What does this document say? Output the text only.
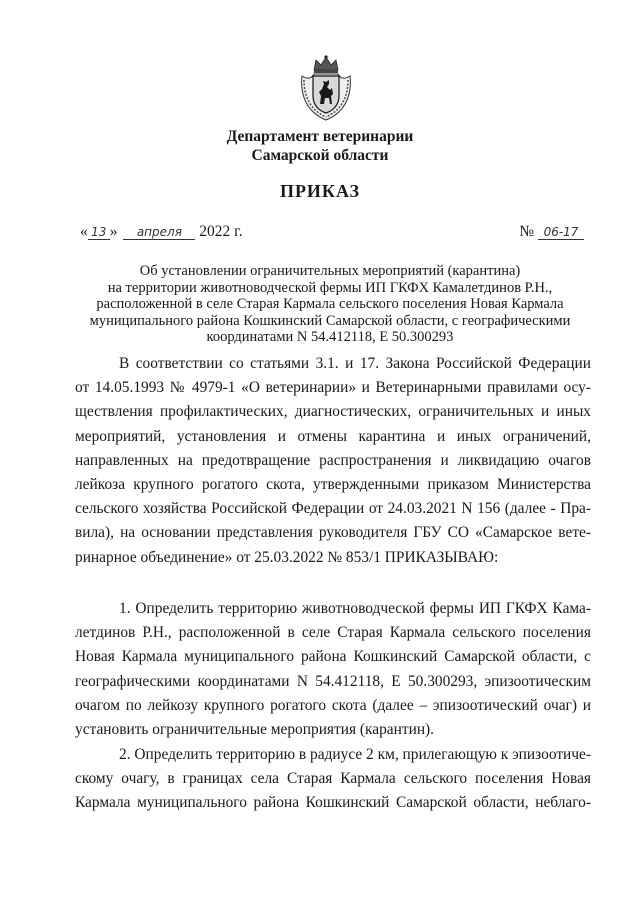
Департамент ветеринарии
Самарской области
ПРИКАЗ
« 13 » апреля 2022 г.	№ 06-17
Об установлении ограничительных мероприятий (карантина)
на территории животноводческой фермы ИП ГКФХ Камалетдинов Р.Н.,
расположенной в селе Старая Кармала сельского поселения Новая Кармала
муниципального района Кошкинский Самарской области, с географическими
координатами N 54.412118, E 50.300293
В соответствии со статьями 3.1. и 17. Закона Российской Федерации
от 14.05.1993 № 4979-1 «О ветеринарии» и Ветеринарными правилами осу-
ществления профилактических, диагностических, ограничительных и иных
мероприятий, установления и отмены карантина и иных ограничений,
направленных на предотвращение распространения и ликвидацию очагов
лейкоза крупного рогатого скота, утвержденными приказом Министерства
сельского хозяйства Российской Федерации от 24.03.2021 N 156 (далее - Пра-
вила), на основании представления руководителя ГБУ СО «Самарское ветe-
ринарное объединение» от 25.03.2022 № 853/1 ПРИКАЗЫВАЮ:
1. Определить территорию животноводческой фермы ИП ГКФХ Кама-
летдинов Р.Н., расположенной в селе Старая Кармала сельского поселения
Новая Кармала муниципального района Кошкинский Самарской области, с
географическими координатами N 54.412118, E 50.300293, эпизоотическим
очагом по лейкозу крупного рогатого скота (далее – эпизоотический очаг) и
установить ограничительные мероприятия (карантин).
2. Определить территорию в радиусе 2 км, прилегающую к эпизоотиче-
скому очагу, в границах села Старая Кармала сельского поселения Новая
Кармала муниципального района Кошкинский Самарской области, неблаго-
